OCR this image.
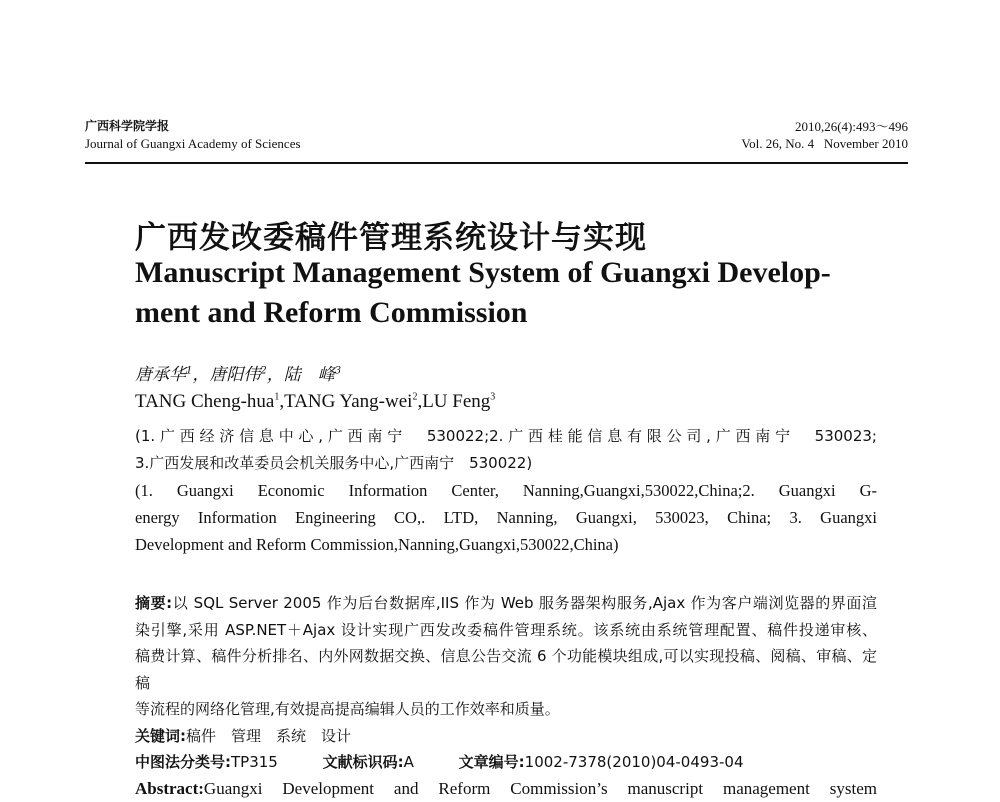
广西科学院学报
Journal of Guangxi Academy of Sciences
2010,26(4):493～496
Vol. 26, No. 4   November 2010
广西发改委稿件管理系统设计与实现
Manuscript Management System of Guangxi Develop-ment and Reform Commission
唐承华$^1$，唐阳伟$^2$，陆　峰$^3$
TANG Cheng-hua$^1$,TANG Yang-wei$^2$,LU Feng$^3$

(1.广西经济信息中心,广西南宁　530022;2.广西桂能信息有限公司,广西南宁　530023;

3.广西发展和改革委员会机关服务中心,广西南宁　530022)

(1. Guangxi Economic Information Center, Nanning,Guangxi,530022,China;2. Guangxi G-

energy Information Engineering CO,. LTD, Nanning, Guangxi, 530023, China; 3. Guangxi

Development and Reform Commission,Nanning,Guangxi,530022,China)

摘要:以 SQL Server 2005 作为后台数据库,IIS 作为 Web 服务器架构服务,Ajax 作为客户端浏览器的界面渲

染引擎,采用 ASP.NET＋Ajax 设计实现广西发改委稿件管理系统。该系统由系统管理配置、稿件投递审核、

稿费计算、稿件分析排名、内外网数据交换、信息公告交流 6 个功能模块组成,可以实现投稿、阅稿、审稿、定稿

等流程的网络化管理,有效提高提高编辑人员的工作效率和质量。

关键词:稿件　管理　系统　设计

中图法分类号:TP315	文献标识码:A	文章编号:1002-7378(2010)04-0493-04

Abstract:Guangxi Development and Reform Commission’s manuscript management system
